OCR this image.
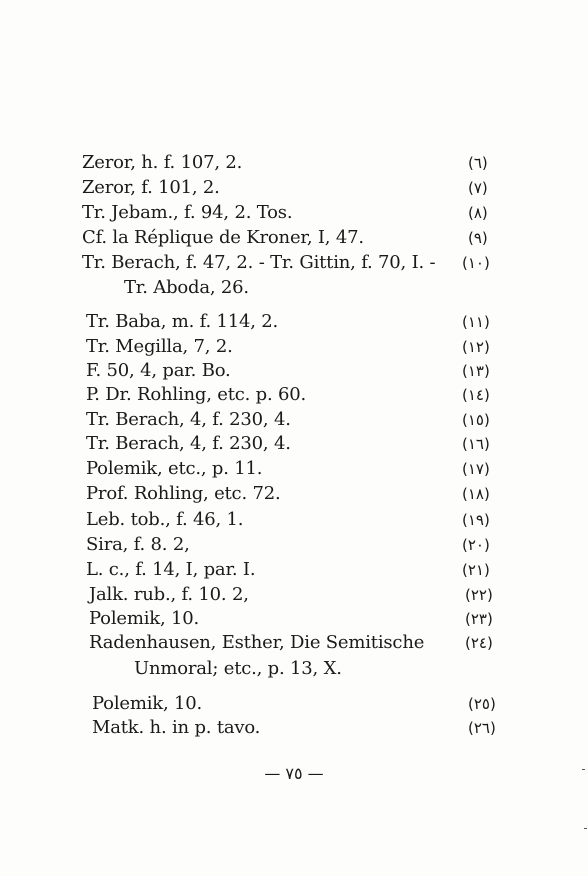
Zeror, h. f. 107, 2.	(٦)
Zeror, f. 101, 2.	(٧)
Tr. Jebam., f. 94, 2. Tos.	(٨)
Cf. la Réplique de Kroner, I, 47.	(٩)
Tr. Berach, f. 47, 2. - Tr. Gittin, f. 70, I. - (١٠)
Tr. Aboda, 26.
Tr. Baba, m. f. 114, 2.	(١١)
Tr. Megilla, 7, 2.	(١٢)
F. 50, 4, par. Bo.	(١٣)
P. Dr. Rohling, etc. p. 60.	(١٤)
Tr. Berach, 4, f. 230, 4.	(١٥)
Tr. Berach, 4, f. 230, 4.	(١٦)
Polemik, etc., p. 11.	(١٧)
Prof. Rohling, etc. 72.	(١٨)
Leb. tob., f. 46, 1.	(١٩)
Sira, f. 8. 2,	(٢٠)
L. c., f. 14, I, par. I.	(٢١)
Jalk. rub., f. 10. 2,	(٢٢)
Polemik, 10.	(٢٣)
Radenhausen, Esther, Die Semitische	(٢٤)
Unmoral; etc., p. 13, X.
Polemik, 10.	(٢٥)
Matk. h. in p. tavo.	(٢٦)
— ٧٥ —
